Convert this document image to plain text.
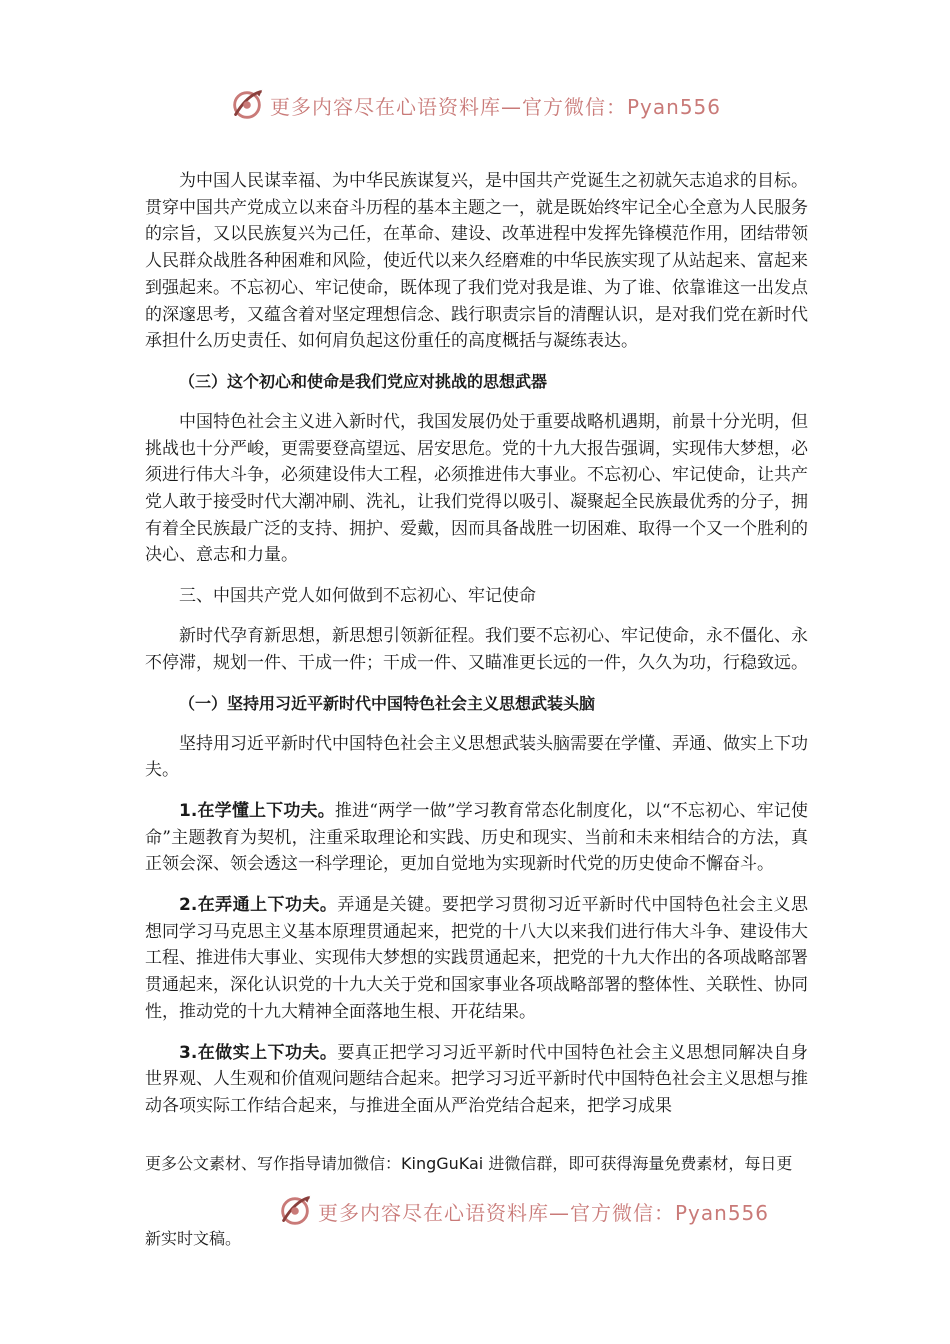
更多内容尽在心语资料库—官方微信：Pyan556

为中国人民谋幸福、为中华民族谋复兴，是中国共产党诞生之初就矢志追求的目标。贯穿中国共产党成立以来奋斗历程的基本主题之一，就是既始终牢记全心全意为人民服务的宗旨，又以民族复兴为己任，在革命、建设、改革进程中发挥先锋模范作用，团结带领人民群众战胜各种困难和风险，使近代以来久经磨难的中华民族实现了从站起来、富起来到强起来。不忘初心、牢记使命，既体现了我们党对我是谁、为了谁、依靠谁这一出发点的深邃思考，又蕴含着对坚定理想信念、践行职责宗旨的清醒认识，是对我们党在新时代承担什么历史责任、如何肩负起这份重任的高度概括与凝练表达。

（三）这个初心和使命是我们党应对挑战的思想武器

中国特色社会主义进入新时代，我国发展仍处于重要战略机遇期，前景十分光明，但挑战也十分严峻，更需要登高望远、居安思危。党的十九大报告强调，实现伟大梦想，必须进行伟大斗争，必须建设伟大工程，必须推进伟大事业。不忘初心、牢记使命，让共产党人敢于接受时代大潮冲刷、洗礼，让我们党得以吸引、凝聚起全民族最优秀的分子，拥有着全民族最广泛的支持、拥护、爱戴，因而具备战胜一切困难、取得一个又一个胜利的决心、意志和力量。

三、中国共产党人如何做到不忘初心、牢记使命

新时代孕育新思想，新思想引领新征程。我们要不忘初心、牢记使命，永不僵化、永不停滞，规划一件、干成一件；干成一件、又瞄准更长远的一件，久久为功，行稳致远。

（一）坚持用习近平新时代中国特色社会主义思想武装头脑

坚持用习近平新时代中国特色社会主义思想武装头脑需要在学懂、弄通、做实上下功夫。

1.在学懂上下功夫。推进“两学一做”学习教育常态化制度化，以“不忘初心、牢记使命”主题教育为契机，注重采取理论和实践、历史和现实、当前和未来相结合的方法，真正领会深、领会透这一科学理论，更加自觉地为实现新时代党的历史使命不懈奋斗。

2.在弄通上下功夫。弄通是关键。要把学习贯彻习近平新时代中国特色社会主义思想同学习马克思主义基本原理贯通起来，把党的十八大以来我们进行伟大斗争、建设伟大工程、推进伟大事业、实现伟大梦想的实践贯通起来，把党的十九大作出的各项战略部署贯通起来，深化认识党的十九大关于党和国家事业各项战略部署的整体性、关联性、协同性，推动党的十九大精神全面落地生根、开花结果。

3.在做实上下功夫。要真正把学习习近平新时代中国特色社会主义思想同解决自身世界观、人生观和价值观问题结合起来。把学习习近平新时代中国特色社会主义思想与推动各项实际工作结合起来，与推进全面从严治党结合起来，把学习成果

更多公文素材、写作指导请加微信：KingGuKai 进微信群，即可获得海量免费素材，每日更
更多内容尽在心语资料库—官方微信：Pyan556
新实时文稿。
